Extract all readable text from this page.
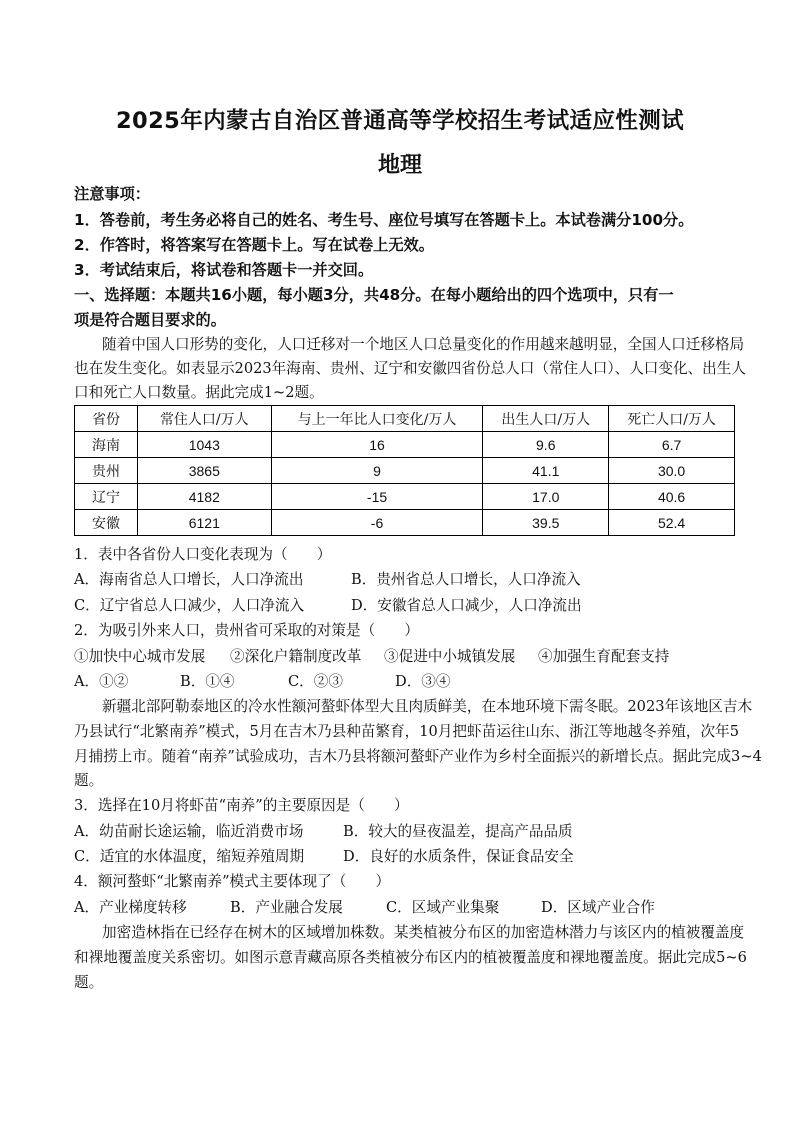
2025年内蒙古自治区普通高等学校招生考试适应性测试
地理
注意事项：
1．答卷前，考生务必将自己的姓名、考生号、座位号填写在答题卡上。本试卷满分100分。
2．作答时，将答案写在答题卡上。写在试卷上无效。
3．考试结束后，将试卷和答题卡一并交回。
一、选择题：本题共16小题，每小题3分，共48分。在每小题给出的四个选项中，只有一
项是符合题目要求的。
随着中国人口形势的变化，人口迁移对一个地区人口总量变化的作用越来越明显，全国人口迁移格局
也在发生变化。如表显示2023年海南、贵州、辽宁和安徽四省份总人口（常住人口）、人口变化、出生人
口和死亡人口数量。据此完成1~2题。
省份	常住人口/万人	与上一年比人口变化/万人	出生人口/万人	死亡人口/万人
海南	1043	16	9.6	6.7
贵州	3865	9	41.1	30.0
辽宁	4182	-15	17.0	40.6
安徽	6121	-6	39.5	52.4
1．表中各省份人口变化表现为（　　）
A．海南省总人口增长，人口净流出	B．贵州省总人口增长，人口净流入
C．辽宁省总人口减少，人口净流入	D．安徽省总人口减少，人口净流出
2．为吸引外来人口，贵州省可采取的对策是（　　）
①加快中心城市发展 ②深化户籍制度改革 ③促进中小城镇发展 ④加强生育配套支持
A．①②	B．①④	C．②③	D．③④
新疆北部阿勒泰地区的冷水性额河螯虾体型大且肉质鲜美，在本地环境下需冬眠。2023年该地区吉木
乃县试行“北繁南养”模式，5月在吉木乃县种苗繁育，10月把虾苗运往山东、浙江等地越冬养殖，次年5
月捕捞上市。随着“南养”试验成功，吉木乃县将额河螯虾产业作为乡村全面振兴的新增长点。据此完成3~4
题。
3．选择在10月将虾苗“南养”的主要原因是（　　）
A．幼苗耐长途运输，临近消费市场	B．较大的昼夜温差，提高产品品质
C．适宜的水体温度，缩短养殖周期	D．良好的水质条件，保证食品安全
4．额河螯虾“北繁南养”模式主要体现了（　　）
A．产业梯度转移	B．产业融合发展	C．区域产业集聚	D．区域产业合作
加密造林指在已经存在树木的区域增加株数。某类植被分布区的加密造林潜力与该区内的植被覆盖度
和裸地覆盖度关系密切。如图示意青藏高原各类植被分布区内的植被覆盖度和裸地覆盖度。据此完成5~6
题。
